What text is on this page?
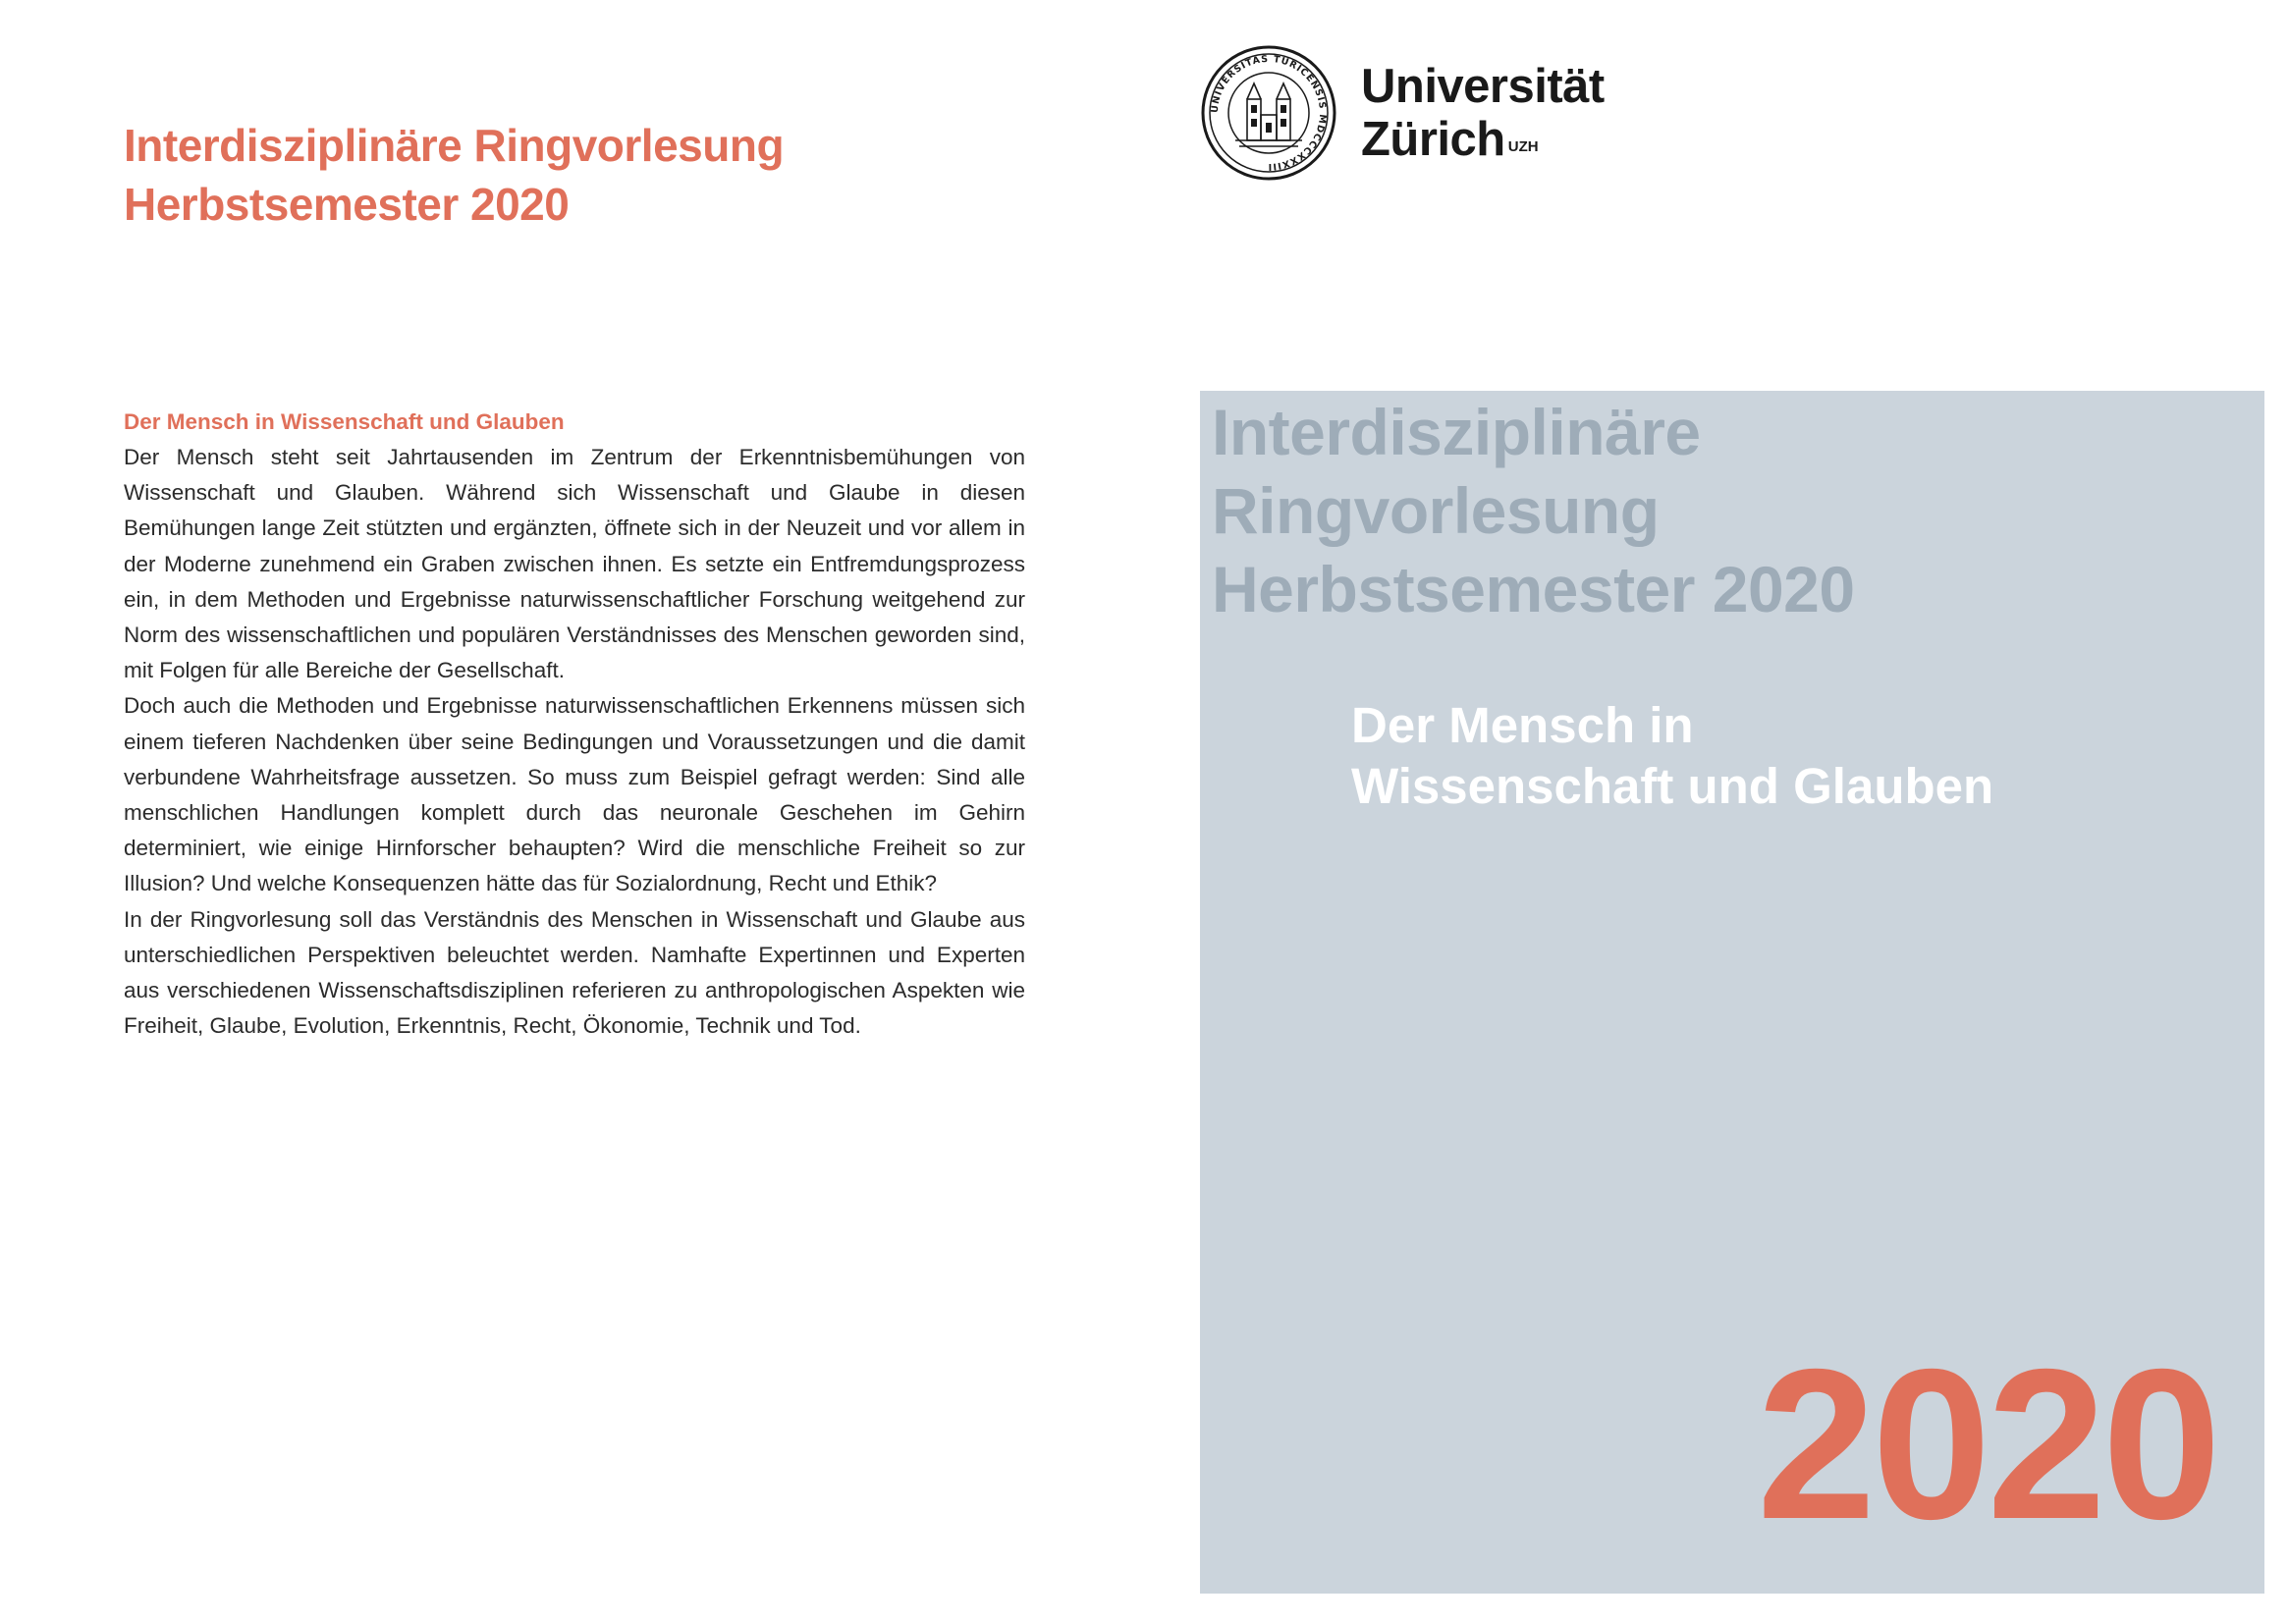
Interdisziplinäre Ringvorlesung
Herbstsemester 2020
Der Mensch in Wissenschaft und Glauben

Der Mensch steht seit Jahrtausenden im Zentrum der Erkenntnisbemühungen von Wissenschaft und Glauben. Während sich Wissenschaft und Glaube in diesen Bemühungen lange Zeit stützten und ergänzten, öffnete sich in der Neuzeit und vor allem in der Moderne zunehmend ein Graben zwischen ihnen. Es setzte ein Entfremdungsprozess ein, in dem Methoden und Ergebnisse naturwissenschaftlicher Forschung weitgehend zur Norm des wissenschaftlichen und populären Verständnisses des Menschen geworden sind, mit Folgen für alle Bereiche der Gesellschaft.

Doch auch die Methoden und Ergebnisse naturwissenschaftlichen Erkennens müssen sich einem tieferen Nachdenken über seine Bedingungen und Voraussetzungen und die damit verbundene Wahrheitsfrage aussetzen. So muss zum Beispiel gefragt werden: Sind alle menschlichen Handlungen komplett durch das neuronale Geschehen im Gehirn determiniert, wie einige Hirnforscher behaupten? Wird die menschliche Freiheit so zur Illusion? Und welche Konsequenzen hätte das für Sozialordnung, Recht und Ethik?

In der Ringvorlesung soll das Verständnis des Menschen in Wissenschaft und Glaube aus unterschiedlichen Perspektiven beleuchtet werden. Namhafte Expertinnen und Experten aus verschiedenen Wissenschaftsdisziplinen referieren zu anthropologischen Aspekten wie Freiheit, Glaube, Evolution, Erkenntnis, Recht, Ökonomie, Technik und Tod.

UNIVERSITAS TURICENSIS MDCCCXXXIII
Universität
Zürich $^{UZH}$
Interdisziplinäre
Ringvorlesung
Herbstsemester 2020
Der Mensch in
Wissenschaft und Glauben
2020
